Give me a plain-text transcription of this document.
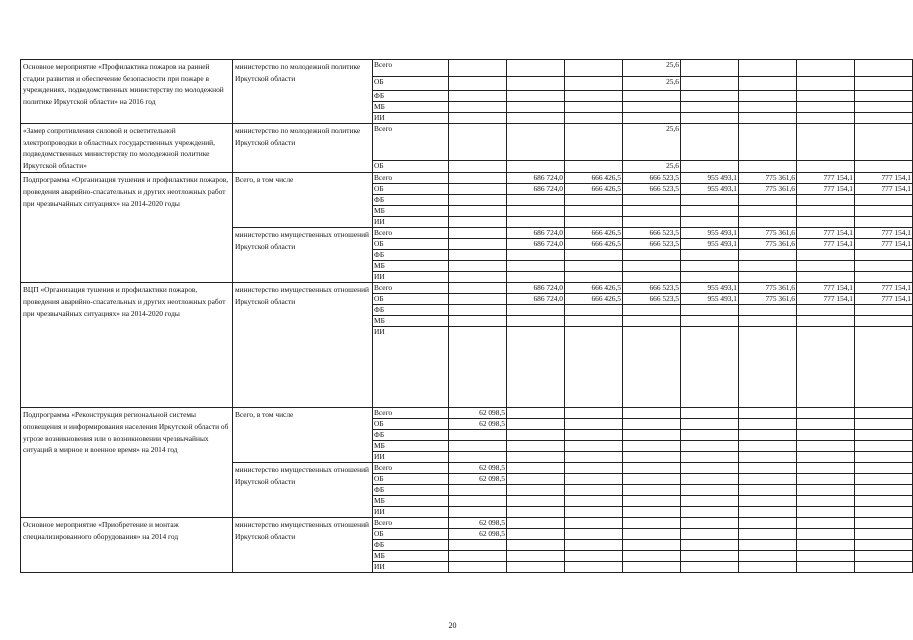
Основное мероприятие «Профилактика пожаров на ранней стадии развития и обеспечение безопасности при пожаре в учреждениях, подведомственных министерству по молодежной политике Иркутской области» на 2016 год	министерство по молодежной политике Иркутской области	Всего				25,6				
		ОБ				25,6				
		ФБ								
		МБ								
		ИИ								
«Замер сопротивления силовой и осветительной электропроводки в областных государственных учреждений, подведомственных министерству по молодежной политике Иркутской области»	министерство по молодежной политике Иркутской области	Всего				25,6				
		ОБ				25,6				
Подпрограмма «Организация тушения и профилактики пожаров, проведения аварийно-спасательных и других неотложных работ при чрезвычайных ситуациях» на 2014-2020 годы	Всего, в том числе	Всего		686 724,0	666 426,5	666 523,5	955 493,1	775 361,6	777 154,1	777 154,1
		ОБ		686 724,0	666 426,5	666 523,5	955 493,1	775 361,6	777 154,1	777 154,1
		ФБ								
		МБ								
		ИИ								
	министерство имущественных отношений Иркутской области	Всего		686 724,0	666 426,5	666 523,5	955 493,1	775 361,6	777 154,1	777 154,1
		ОБ		686 724,0	666 426,5	666 523,5	955 493,1	775 361,6	777 154,1	777 154,1
		ФБ								
		МБ								
		ИИ								
ВЦП «Организация тушения и профилактики пожаров, проведения аварийно-спасательных и других неотложных работ при чрезвычайных ситуациях» на 2014-2020 годы	министерство имущественных отношений Иркутской области	Всего		686 724,0	666 426,5	666 523,5	955 493,1	775 361,6	777 154,1	777 154,1
		ОБ		686 724,0	666 426,5	666 523,5	955 493,1	775 361,6	777 154,1	777 154,1
		ФБ								
		МБ								
		ИИ								
Подпрограмма «Реконструкция региональной системы оповещения и информирования населения Иркутской области об угрозе возникновения или о возникновении чрезвычайных ситуаций в мирное и военное время» на 2014 год	Всего, в том числе	Всего	62 098,5							
		ОБ	62 098,5							
		ФБ								
		МБ								
		ИИ								
	министерство имущественных отношений Иркутской области	Всего	62 098,5							
		ОБ	62 098,5							
		ФБ								
		МБ								
		ИИ								
Основное мероприятие «Приобретение и монтаж специализированного оборудования» на 2014 год	министерство имущественных отношений Иркутской области	Всего	62 098,5							
		ОБ	62 098,5							
		ФБ								
		МБ								
		ИИ								
20
